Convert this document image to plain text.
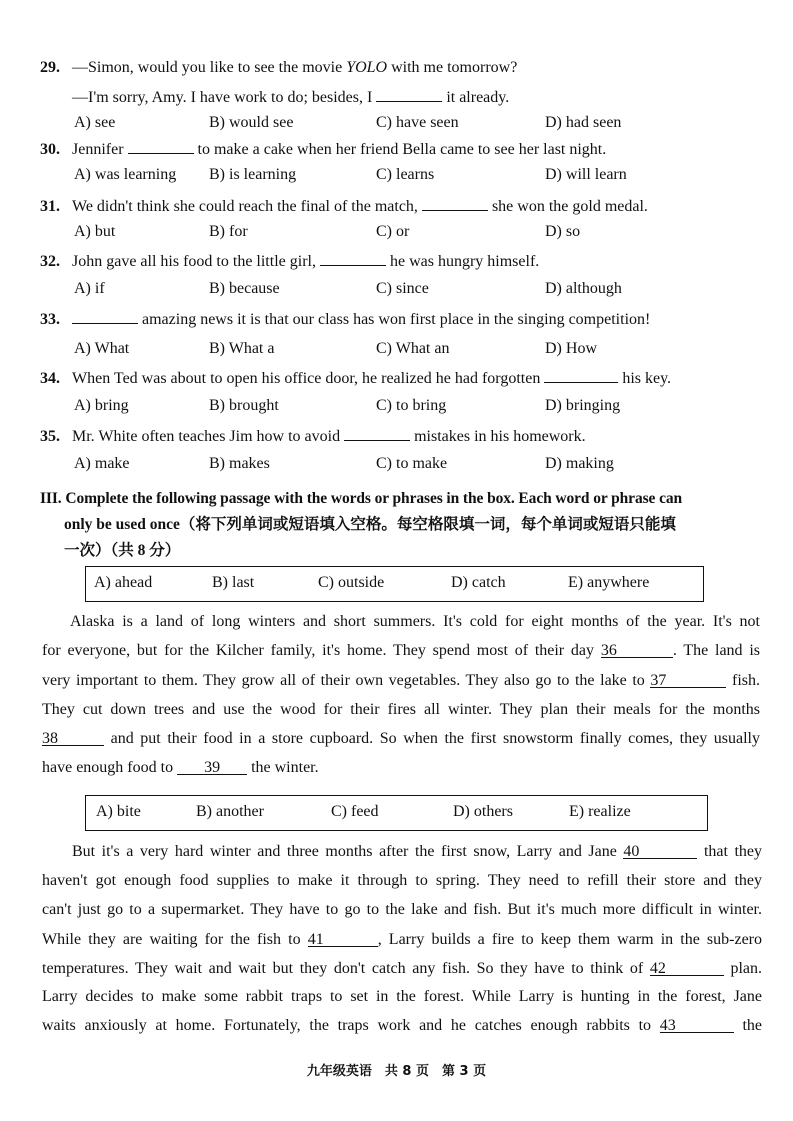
29. —Simon, would you like to see the movie YOLO with me tomorrow?
—I'm sorry, Amy. I have work to do; besides, I	it already.
A) see	B) would see	C) have seen	D) had seen
30. Jennifer	to make a cake when her friend Bella came to see her last night.
A) was learning B) is learning	C) learns	D) will learn
31. We didn't think she could reach the final of the match,	she won the gold medal.
A) but	B) for	C) or	D) so
32. John gave all his food to the little girl,	he was hungry himself.
A) if	B) because	C) since	D) although
33.	amazing news it is that our class has won first place in the singing competition!
A) What	B) What a	C) What an	D) How
34. When Ted was about to open his office door, he realized he had forgotten	his key.
A) bring	B) brought	C) to bring	D) bringing
35. Mr. White often teaches Jim how to avoid	mistakes in his homework.
A) make	B) makes	C) to make	D) making
III. Complete the following passage with the words or phrases in the box. Each word or phrase can
only be used once（将下列单词或短语填入空格。每空格限填一词，每个单词或短语只能填
一次）（共 8 分）
A) ahead	B) last	C) outside	D) catch	E) anywhere
Alaska is a land of long winters and short summers. It's cold for eight months of the year. It's not
for everyone, but for the Kilcher family, it's home. They spend most of their day 36	. The land is
very important to them. They grow all of their own vegetables. They also go to the lake to 37	fish.
They cut down trees and use the wood for their fires all winter. They plan their meals for the months
38	and put their food in a store cupboard. So when the first snowstorm finally comes, they usually
have enough food to 39 the winter.
A) bite	B) another	C) feed	D) others	E) realize
But it's a very hard winter and three months after the first snow, Larry and Jane 40	that they
haven't got enough food supplies to make it through to spring. They need to refill their store and they
can't just go to a supermarket. They have to go to the lake and fish. But it's much more difficult in winter.
While they are waiting for the fish to 41	, Larry builds a fire to keep them warm in the sub-zero
temperatures. They wait and wait but they don't catch any fish. So they have to think of 42	plan.
Larry decides to make some rabbit traps to set in the forest. While Larry is hunting in the forest, Jane
waits anxiously at home. Fortunately, the traps work and he catches enough rabbits to 43	the
九年级英语　共 8 页　第 3 页
